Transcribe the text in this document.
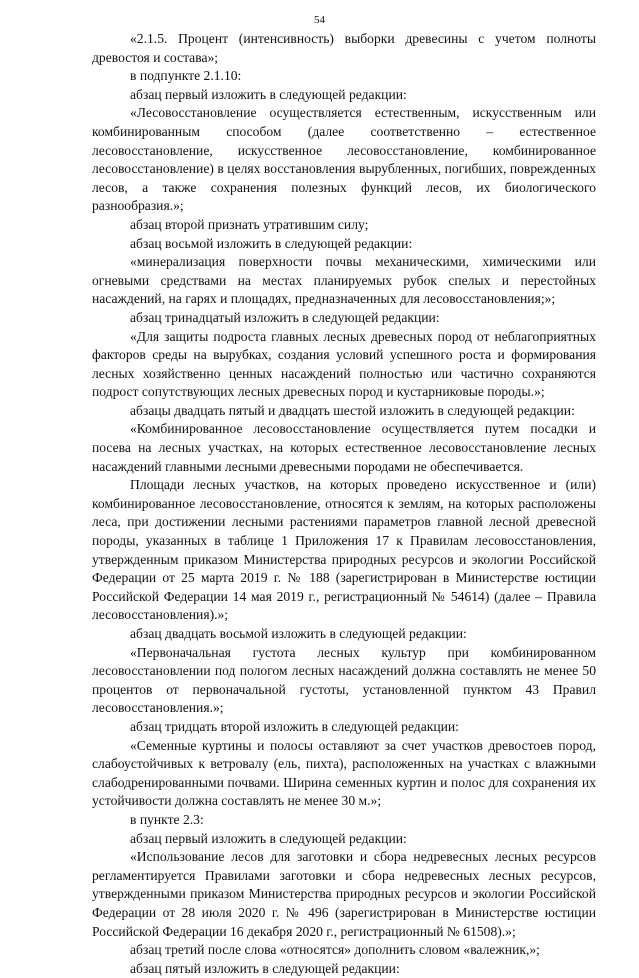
54

«2.1.5. Процент (интенсивность) выборки древесины с учетом полноты древостоя и состава»;

в подпункте 2.1.10:

абзац первый изложить в следующей редакции:

«Лесовосстановление осуществляется естественным, искусственным или комбинированным способом (далее соответственно – естественное лесовосстановление, искусственное лесовосстановление, комбинированное лесовосстановление) в целях восстановления вырубленных, погибших, поврежденных лесов, а также сохранения полезных функций лесов, их биологического разнообразия.»;

абзац второй признать утратившим силу;

абзац восьмой изложить в следующей редакции:

«минерализация поверхности почвы механическими, химическими или огневыми средствами на местах планируемых рубок спелых и перестойных насаждений, на гарях и площадях, предназначенных для лесовосстановления;»;

абзац тринадцатый изложить в следующей редакции:

«Для защиты подроста главных лесных древесных пород от неблагоприятных факторов среды на вырубках, создания условий успешного роста и формирования лесных хозяйственно ценных насаждений полностью или частично сохраняются подрост сопутствующих лесных древесных пород и кустарниковые породы.»;

абзацы двадцать пятый и двадцать шестой изложить в следующей редакции:

«Комбинированное лесовосстановление осуществляется путем посадки и посева на лесных участках, на которых естественное лесовосстановление лесных насаждений главными лесными древесными породами не обеспечивается.

Площади лесных участков, на которых проведено искусственное и (или) комбинированное лесовосстановление, относятся к землям, на которых расположены леса, при достижении лесными растениями параметров главной лесной древесной породы, указанных в таблице 1 Приложения 17 к Правилам лесовосстановления, утвержденным приказом Министерства природных ресурсов и экологии Российской Федерации от 25 марта 2019 г. № 188 (зарегистрирован в Министерстве юстиции Российской Федерации 14 мая 2019 г., регистрационный № 54614) (далее – Правила лесовосстановления).»;

абзац двадцать восьмой изложить в следующей редакции:

«Первоначальная густота лесных культур при комбинированном лесовосстановлении под пологом лесных насаждений должна составлять не менее 50 процентов от первоначальной густоты, установленной пунктом 43 Правил лесовосстановления.»;

абзац тридцать второй изложить в следующей редакции:

«Семенные куртины и полосы оставляют за счет участков древостоев пород, слабоустойчивых к ветровалу (ель, пихта), расположенных на участках с влажными слабодренированными почвами. Ширина семенных куртин и полос для сохранения их устойчивости должна составлять не менее 30 м.»;

в пункте 2.3:

абзац первый изложить в следующей редакции:

«Использование лесов для заготовки и сбора недревесных лесных ресурсов регламентируется Правилами заготовки и сбора недревесных лесных ресурсов, утвержденными приказом Министерства природных ресурсов и экологии Российской Федерации от 28 июля 2020 г. № 496 (зарегистрирован в Министерстве юстиции Российской Федерации 16 декабря 2020 г., регистрационный № 61508).»;

абзац третий после слова «относятся» дополнить словом «валежник,»;

абзац пятый изложить в следующей редакции:
